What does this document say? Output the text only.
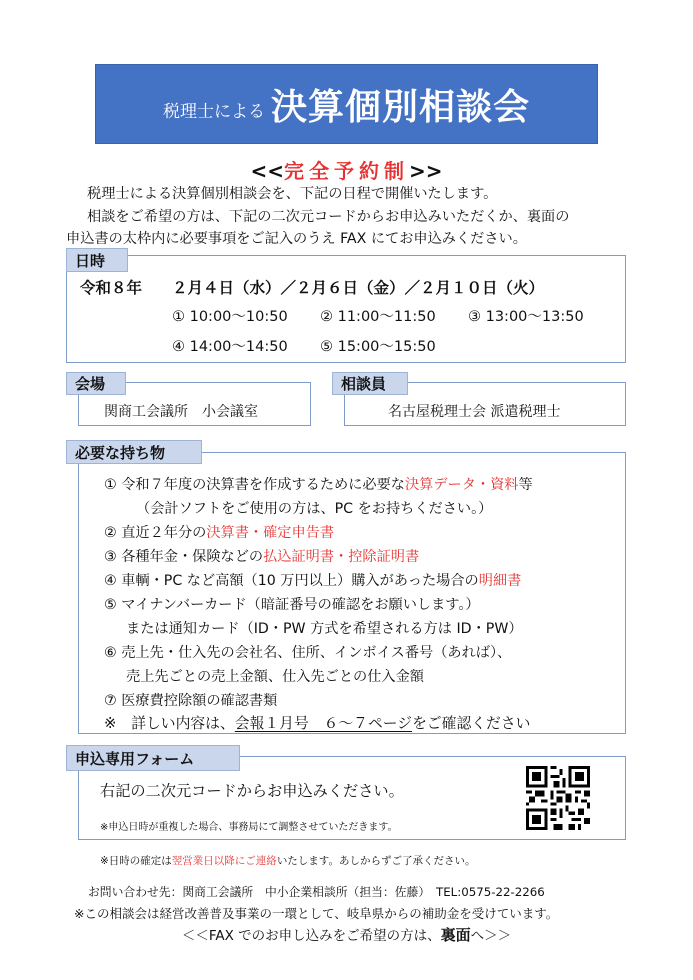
税理士による 決算個別相談会
<<完全予約制>>
税理士による決算個別相談会を、下記の日程で開催いたします。
相談をご希望の方は、下記の二次元コードからお申込みいただくか、裏面の
申込書の太枠内に必要事項をご記入のうえ FAX にてお申込みください。
日時
令和８年 ２月４日（水）／２月６日（金）／２月１０日（火）
① 10:00〜10:50 ② 11:00〜11:50 ③ 13:00〜13:50
④ 14:00〜14:50 ⑤ 15:00〜15:50
会場
関商工会議所　小会議室
相談員
名古屋税理士会 派遣税理士
必要な持ち物
① 令和７年度の決算書を作成するために必要な決算データ・資料等
（会計ソフトをご使用の方は、PC をお持ちください。）
② 直近２年分の決算書・確定申告書
③ 各種年金・保険などの払込証明書・控除証明書
④ 車輌・PC など高額（10 万円以上）購入があった場合の明細書
⑤ マイナンバーカード（暗証番号の確認をお願いします。）
または通知カード（ID・PW 方式を希望される方は ID・PW）
⑥ 売上先・仕入先の会社名、住所、インボイス番号（あれば）、
売上先ごとの売上金額、仕入先ごとの仕入金額
⑦ 医療費控除額の確認書類
※　詳しい内容は、会報１月号　６〜７ページをご確認ください
申込専用フォーム
右記の二次元コードからお申込みください。
※申込日時が重複した場合、事務局にて調整させていただきます。
※日時の確定は翌営業日以降にご連絡いたします。あしからずご了承ください。
お問い合わせ先：関商工会議所　中小企業相談所（担当：佐藤）　TEL:0575-22-2266
※この相談会は経営改善普及事業の一環として、岐阜県からの補助金を受けています。
＜＜FAX でのお申し込みをご希望の方は、裏面へ＞＞
